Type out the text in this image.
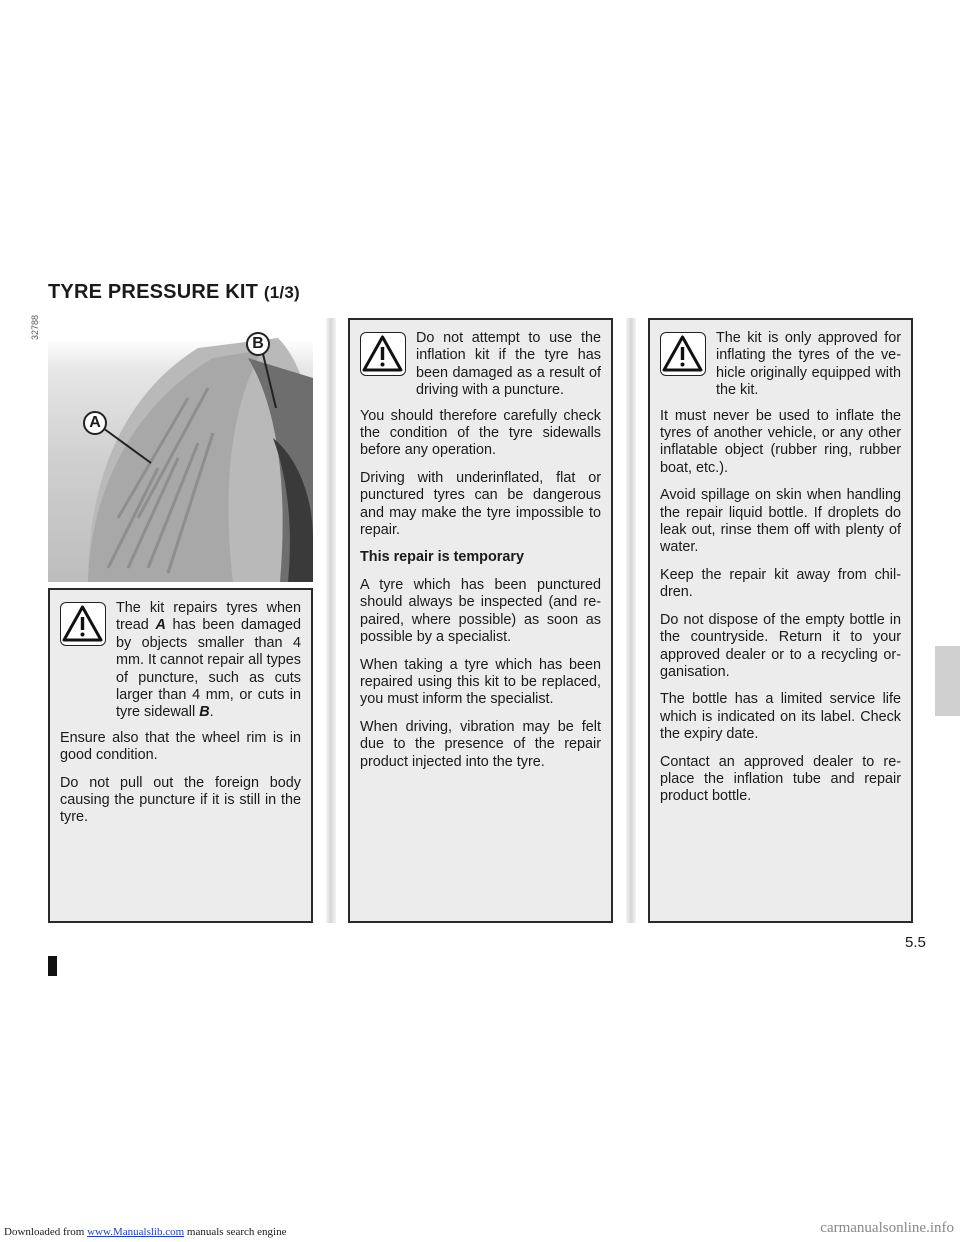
TYRE PRESSURE KIT (1/3)
32788
A
B

The kit repairs tyres when tread A has been damaged by objects smaller than 4 mm. It cannot repair all types of puncture, such as cuts larger than 4 mm, or cuts in tyre sidewall B.

Ensure also that the wheel rim is in good condition.

Do not pull out the foreign body causing the puncture if it is still in the tyre.

Do not attempt to use the inflation kit if the tyre has been damaged as a result of driving with a puncture.

You should therefore carefully check the condition of the tyre sidewalls before any operation.

Driving with underinflated, flat or punctured tyres can be dangerous and may make the tyre impossible to repair.

This repair is temporary

A tyre which has been punctured should always be inspected (and repaired, where possible) as soon as possible by a specialist.

When taking a tyre which has been repaired using this kit to be replaced, you must inform the specialist.

When driving, vibration may be felt due to the presence of the repair product injected into the tyre.

The kit is only approved for inflating the tyres of the vehicle originally equipped with the kit.

It must never be used to inflate the tyres of another vehicle, or any other inflatable object (rubber ring, rubber boat, etc.).

Avoid spillage on skin when handling the repair liquid bottle. If droplets do leak out, rinse them off with plenty of water.

Keep the repair kit away from children.

Do not dispose of the empty bottle in the countryside. Return it to your approved dealer or to a recycling organisation.

The bottle has a limited service life which is indicated on its label. Check the expiry date.

Contact an approved dealer to replace the inflation tube and repair product bottle.

5.5
Downloaded from www.Manualslib.com manuals search engine	carmanualsonline.info
